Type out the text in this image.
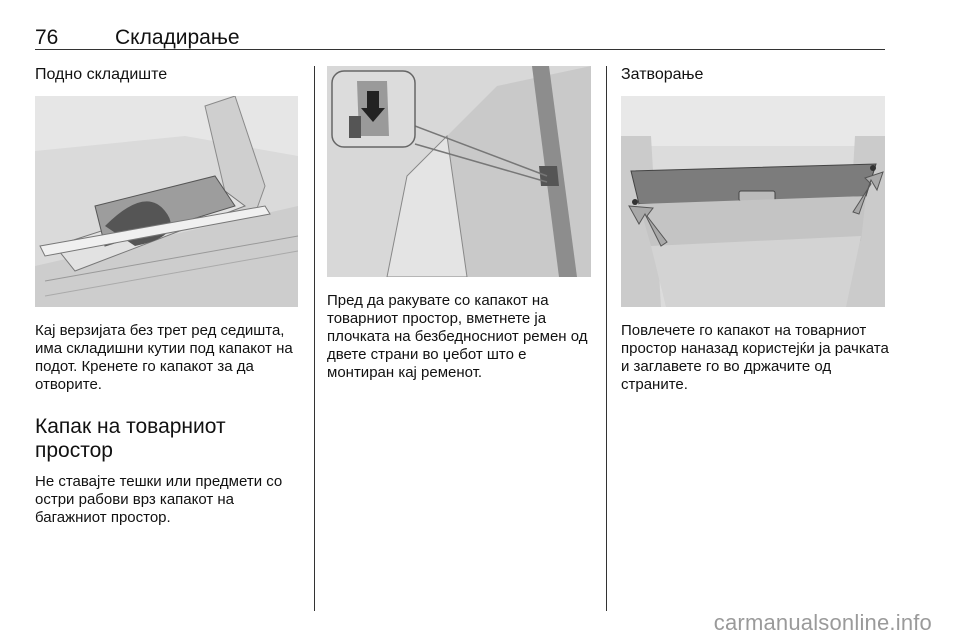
76	Складирање
Подно складиште
Кај верзијата без трет ред седишта, има складишни кутии под капакот на подот. Кренете го капакот за да отворите.
Капак на товарниот простор
Не ставајте тешки или предмети со остри рабови врз капакот на багажниот простор.
Пред да ракувате со капакот на товарниот простор, вметнете ја плочката на безбедносниот ремен од двете страни во џебот што е монтиран кај ременот.
Затворање
Повлечете го капакот на товарниот простор наназад користејќи ја рачката и заглавете го во држачите од страните.
carmanualsonline.info
